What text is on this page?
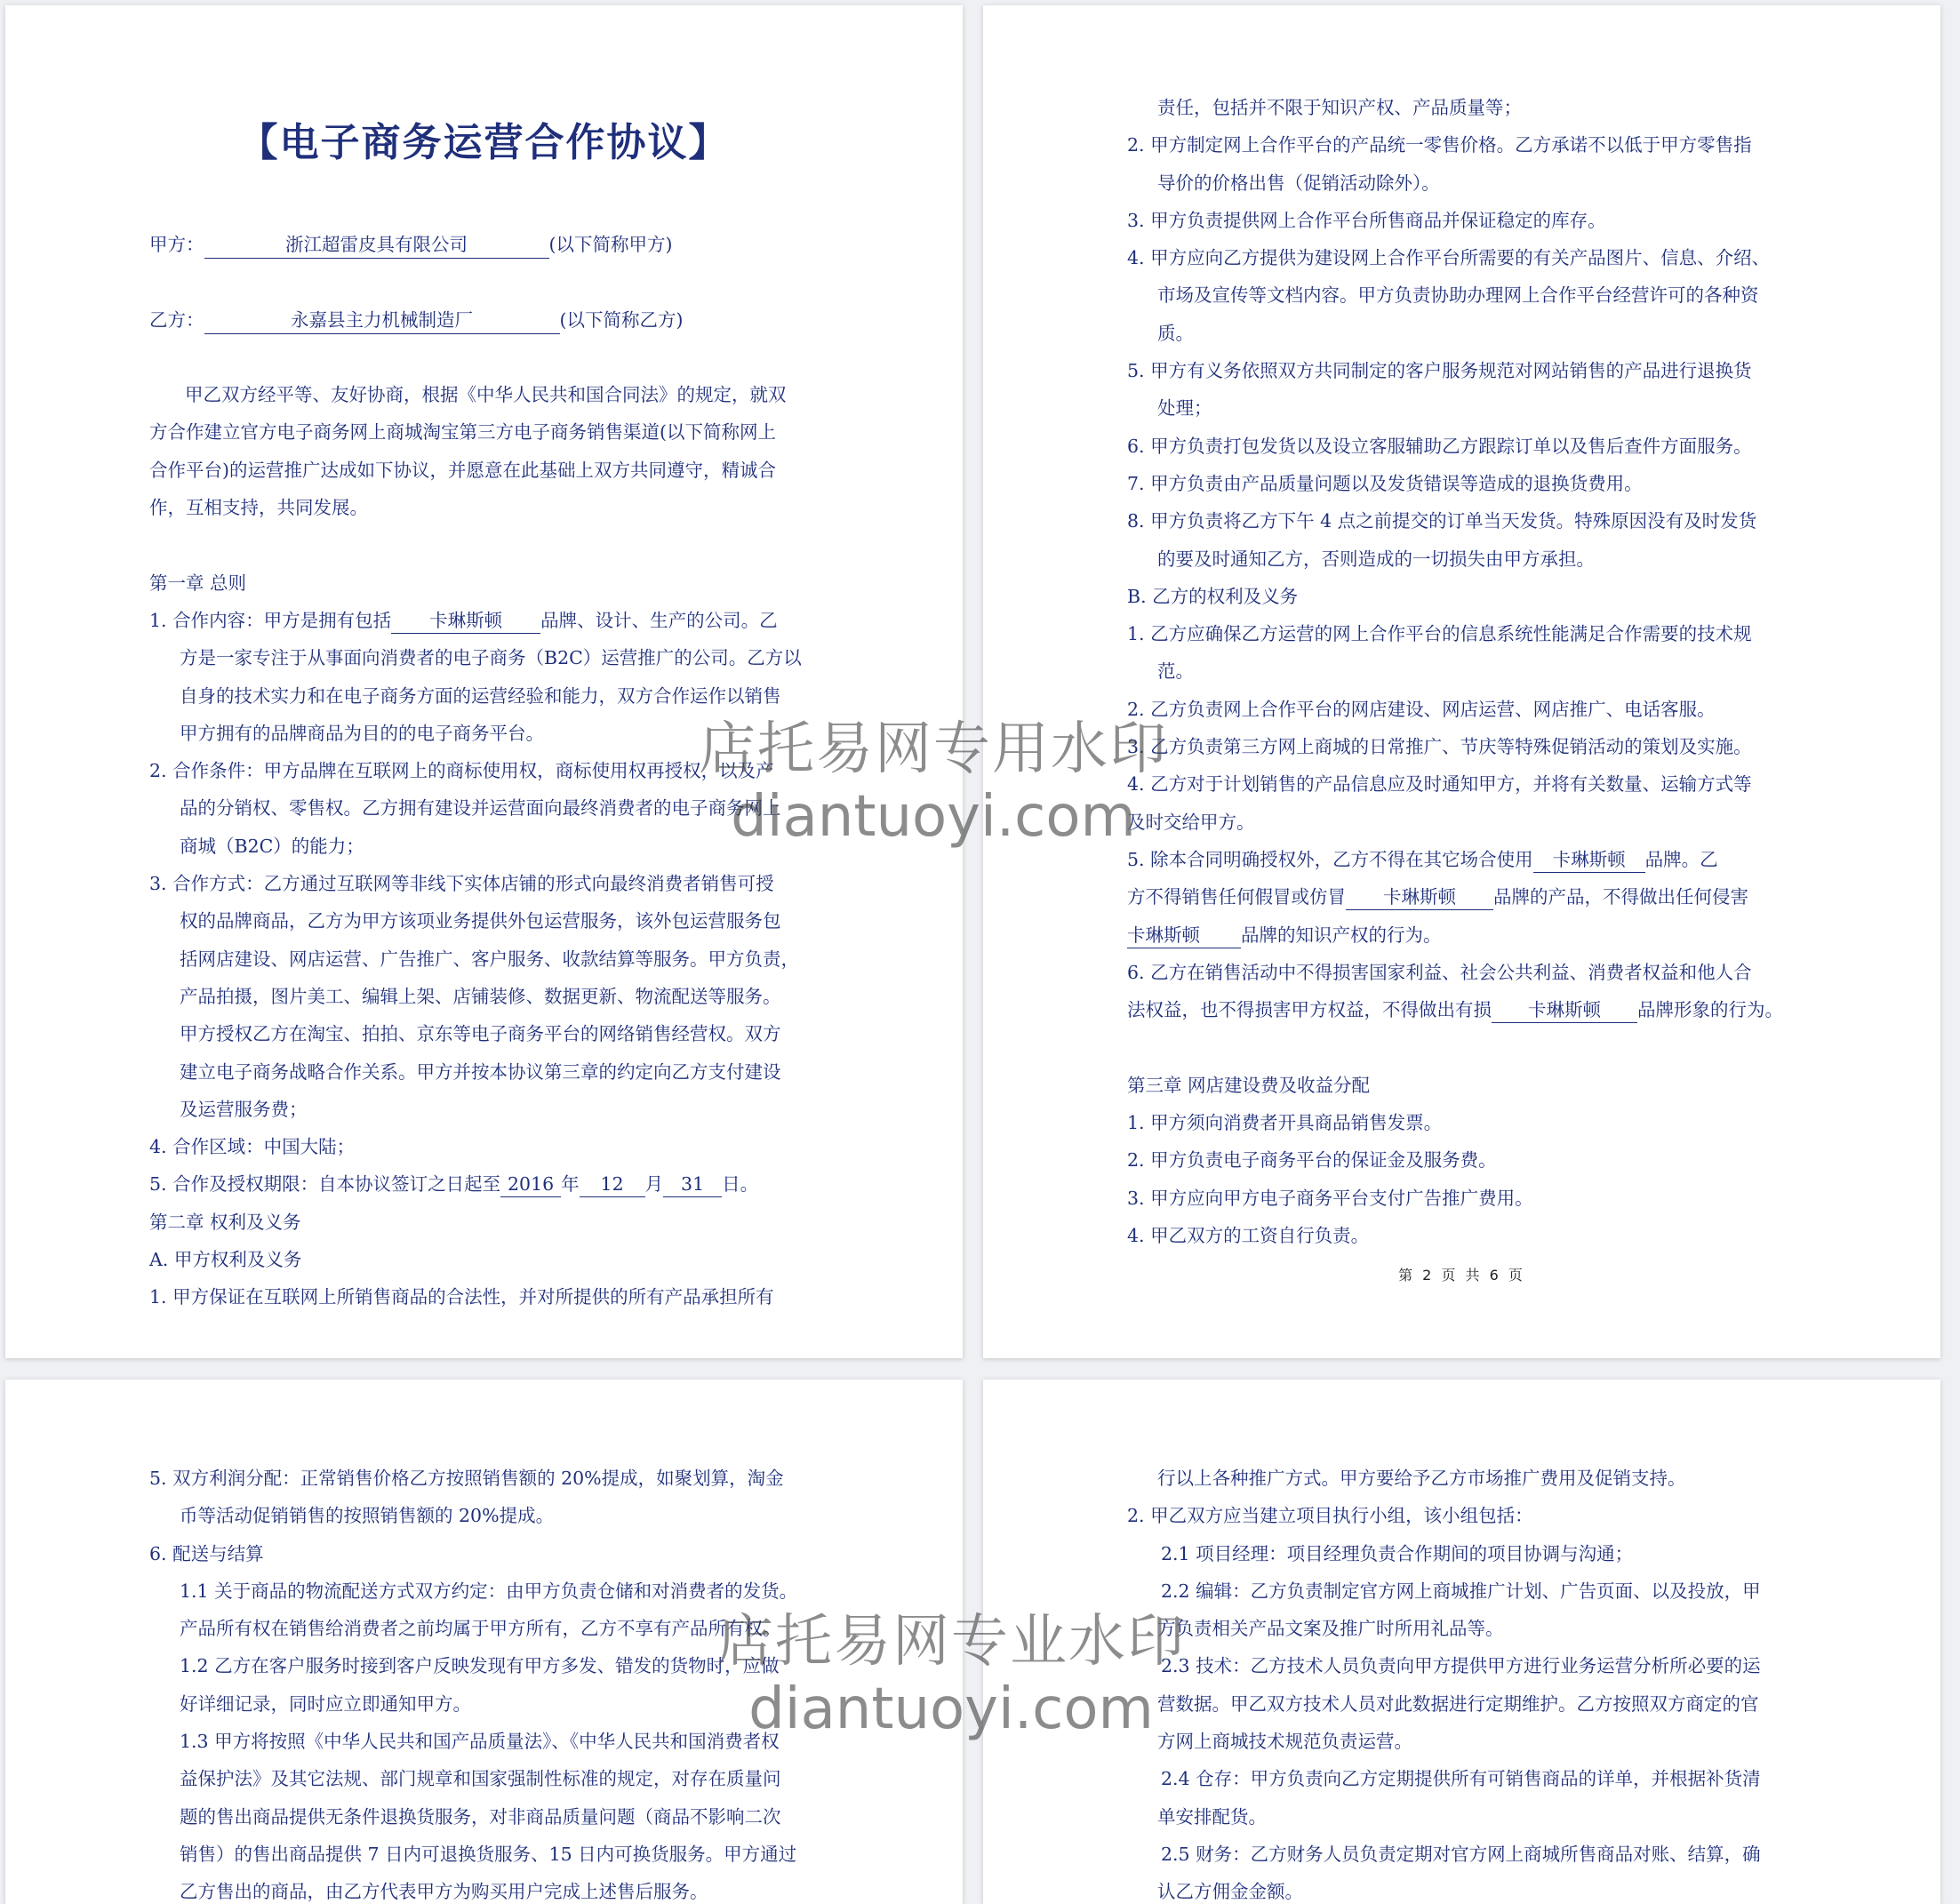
【电子商务运营合作协议】
甲方：	浙江超雷皮具有限公司	(以下简称甲方)
乙方：	永嘉县主力机械制造厂	(以下简称乙方)
甲乙双方经平等、友好协商，根据《中华人民共和国合同法》的规定，就双
方合作建立官方电子商务网上商城淘宝第三方电子商务销售渠道(以下简称网上
合作平台)的运营推广达成如下协议，并愿意在此基础上双方共同遵守，精诚合
作，互相支持，共同发展。
第一章 总则
1. 合作内容：甲方是拥有包括 卡琳斯顿 品牌、设计、生产的公司。乙
方是一家专注于从事面向消费者的电子商务（B2C）运营推广的公司。乙方以
自身的技术实力和在电子商务方面的运营经验和能力，双方合作运作以销售
甲方拥有的品牌商品为目的的电子商务平台。
2. 合作条件：甲方品牌在互联网上的商标使用权，商标使用权再授权，以及产
品的分销权、零售权。乙方拥有建设并运营面向最终消费者的电子商务网上
商城（B2C）的能力；
3. 合作方式：乙方通过互联网等非线下实体店铺的形式向最终消费者销售可授
权的品牌商品，乙方为甲方该项业务提供外包运营服务，该外包运营服务包
括网店建设、网店运营、广告推广、客户服务、收款结算等服务。甲方负责，
产品拍摄，图片美工、编辑上架、店铺装修、数据更新、物流配送等服务。
甲方授权乙方在淘宝、拍拍、京东等电子商务平台的网络销售经营权。双方
建立电子商务战略合作关系。甲方并按本协议第三章的约定向乙方支付建设
及运营服务费；
4. 合作区域：中国大陆；
5. 合作及授权期限：自本协议签订之日起至 2016 年 12 月 31 日。
第二章 权利及义务
A. 甲方权利及义务
1. 甲方保证在互联网上所销售商品的合法性，并对所提供的所有产品承担所有
责任，包括并不限于知识产权、产品质量等；
2. 甲方制定网上合作平台的产品统一零售价格。乙方承诺不以低于甲方零售指
导价的价格出售（促销活动除外）。
3. 甲方负责提供网上合作平台所售商品并保证稳定的库存。
4. 甲方应向乙方提供为建设网上合作平台所需要的有关产品图片、信息、介绍、
市场及宣传等文档内容。甲方负责协助办理网上合作平台经营许可的各种资
质。
5. 甲方有义务依照双方共同制定的客户服务规范对网站销售的产品进行退换货
处理；
6. 甲方负责打包发货以及设立客服辅助乙方跟踪订单以及售后查件方面服务。
7. 甲方负责由产品质量问题以及发货错误等造成的退换货费用。
8. 甲方负责将乙方下午 4 点之前提交的订单当天发货。特殊原因没有及时发货
的要及时通知乙方，否则造成的一切损失由甲方承担。
B. 乙方的权利及义务
1. 乙方应确保乙方运营的网上合作平台的信息系统性能满足合作需要的技术规
范。
2. 乙方负责网上合作平台的网店建设、网店运营、网店推广、电话客服。
3. 乙方负责第三方网上商城的日常推广、节庆等特殊促销活动的策划及实施。
4. 乙方对于计划销售的产品信息应及时通知甲方，并将有关数量、运输方式等
及时交给甲方。
5. 除本合同明确授权外，乙方不得在其它场合使用 卡琳斯顿 品牌。乙
方不得销售任何假冒或仿冒 卡琳斯顿 品牌的产品，不得做出任何侵害
卡琳斯顿 品牌的知识产权的行为。
6. 乙方在销售活动中不得损害国家利益、社会公共利益、消费者权益和他人合
法权益，也不得损害甲方权益，不得做出有损 卡琳斯顿 品牌形象的行为。
第三章 网店建设费及收益分配
1. 甲方须向消费者开具商品销售发票。
2. 甲方负责电子商务平台的保证金及服务费。
3. 甲方应向甲方电子商务平台支付广告推广费用。
4. 甲乙双方的工资自行负责。
第 2 页 共 6 页
5. 双方利润分配：正常销售价格乙方按照销售额的 20%提成，如聚划算，淘金
币等活动促销销售的按照销售额的 20%提成。
6. 配送与结算
1.1 关于商品的物流配送方式双方约定：由甲方负责仓储和对消费者的发货。
产品所有权在销售给消费者之前均属于甲方所有，乙方不享有产品所有权。
1.2 乙方在客户服务时接到客户反映发现有甲方多发、错发的货物时，应做
好详细记录，同时应立即通知甲方。
1.3 甲方将按照《中华人民共和国产品质量法》、《中华人民共和国消费者权
益保护法》及其它法规、部门规章和国家强制性标准的规定，对存在质量问
题的售出商品提供无条件退换货服务，对非商品质量问题（商品不影响二次
销售）的售出商品提供 7 日内可退换货服务、15 日内可换货服务。甲方通过
乙方售出的商品，由乙方代表甲方为购买用户完成上述售后服务。
行以上各种推广方式。甲方要给予乙方市场推广费用及促销支持。
2. 甲乙双方应当建立项目执行小组，该小组包括：
2.1 项目经理：项目经理负责合作期间的项目协调与沟通；
2.2 编辑：乙方负责制定官方网上商城推广计划、广告页面、以及投放，甲
方负责相关产品文案及推广时所用礼品等。
2.3 技术：乙方技术人员负责向甲方提供甲方进行业务运营分析所必要的运
营数据。甲乙双方技术人员对此数据进行定期维护。乙方按照双方商定的官
方网上商城技术规范负责运营。
2.4 仓存：甲方负责向乙方定期提供所有可销售商品的详单，并根据补货清
单安排配货。
2.5 财务：乙方财务人员负责定期对官方网上商城所售商品对账、结算，确
认乙方佣金金额。
店托易网专用水印
diantuoyi.com
店托易网专业水印
diantuoyi.com
